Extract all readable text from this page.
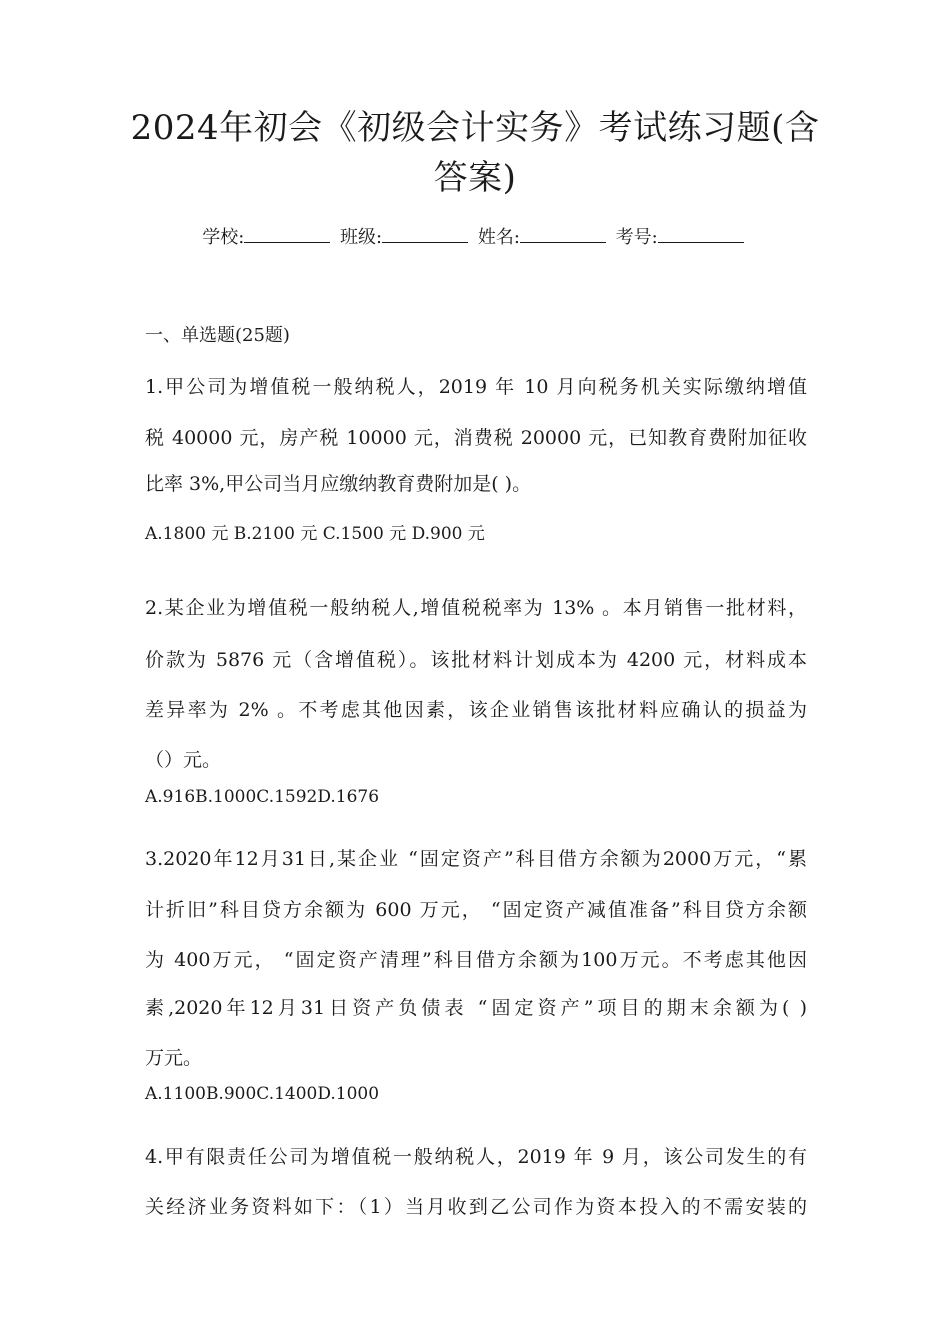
2024年初会《初级会计实务》考试练习题(含
答案)
学校:	班级:	姓名:	考号:
一、单选题(25题)
1.甲公司为增值税一般纳税人，2019 年 10 月向税务机关实际缴纳增值
税 40000 元，房产税 10000 元，消费税 20000 元，已知教育费附加征收
比率 3%,甲公司当月应缴纳教育费附加是( )。
A.1800 元 B.2100 元 C.1500 元 D.900 元
2.某企业为增值税一般纳税人,增值税税率为 13% 。本月销售一批材料，
价款为 5876 元（含增值税）。该批材料计划成本为 4200 元，材料成本
差异率为 2% 。不考虑其他因素，该企业销售该批材料应确认的损益为
（）元。
A.916B.1000C.1592D.1676
3.2020年12月31日,某企业 “固定资产”科目借方余额为2000万元，“累
计折旧”科目贷方余额为 600 万元， “固定资产减值准备”科目贷方余额
为 400万元， “固定资产清理”科目借方余额为100万元。不考虑其他因
素,2020年12月31日资产负债表 “固定资产”项目的期末余额为( )
万元。
A.1100B.900C.1400D.1000
4.甲有限责任公司为增值税一般纳税人，2019 年 9 月，该公司发生的有
关经济业务资料如下：（1）当月收到乙公司作为资本投入的不需安装的
